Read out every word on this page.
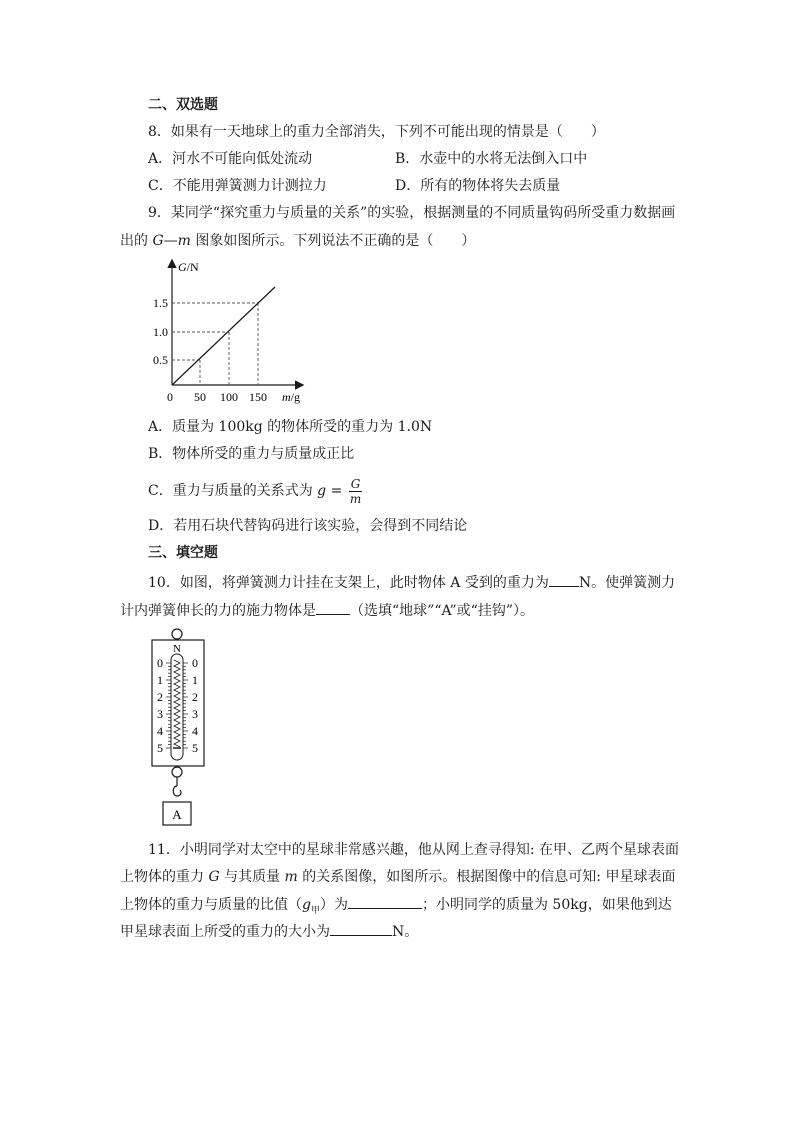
二、双选题
8．如果有一天地球上的重力全部消失，下列不可能出现的情景是（　　）
A．河水不可能向低处流动	B．水壶中的水将无法倒入口中
C．不能用弹簧测力计测拉力	D．所有的物体将失去质量
9．某同学“探究重力与质量的关系”的实验，根据测量的不同质量钩码所受重力数据画
出的 G—m 图象如图所示。下列说法不正确的是（　　）
G/N
0.5
1.0
1.5
0 50 100 150 m/g
A．质量为 100kg 的物体所受的重力为 1.0N
B．物体所受的重力与质量成正比
C．重力与质量的关系式为 $g = \frac{G}{m}$
D．若用石块代替钩码进行该实验，会得到不同结论
三、填空题
10．如图，将弹簧测力计挂在支架上，此时物体 A 受到的重力为 N。使弹簧测力
计内弹簧伸长的力的施力物体是 （选填“地球”“A”或“挂钩”）。
N
0
1
2
3
4
5
0
1
2
3
4
5
A
11．小明同学对太空中的星球非常感兴趣，他从网上查寻得知: 在甲、乙两个星球表面
上物体的重力 G 与其质量 m 的关系图像，如图所示。根据图像中的信息可知: 甲星球表面
上物体的重力与质量的比值$(g_甲)$为	；小明同学的质量为 50kg，如果他到达
甲星球表面上所受的重力的大小为	N。
